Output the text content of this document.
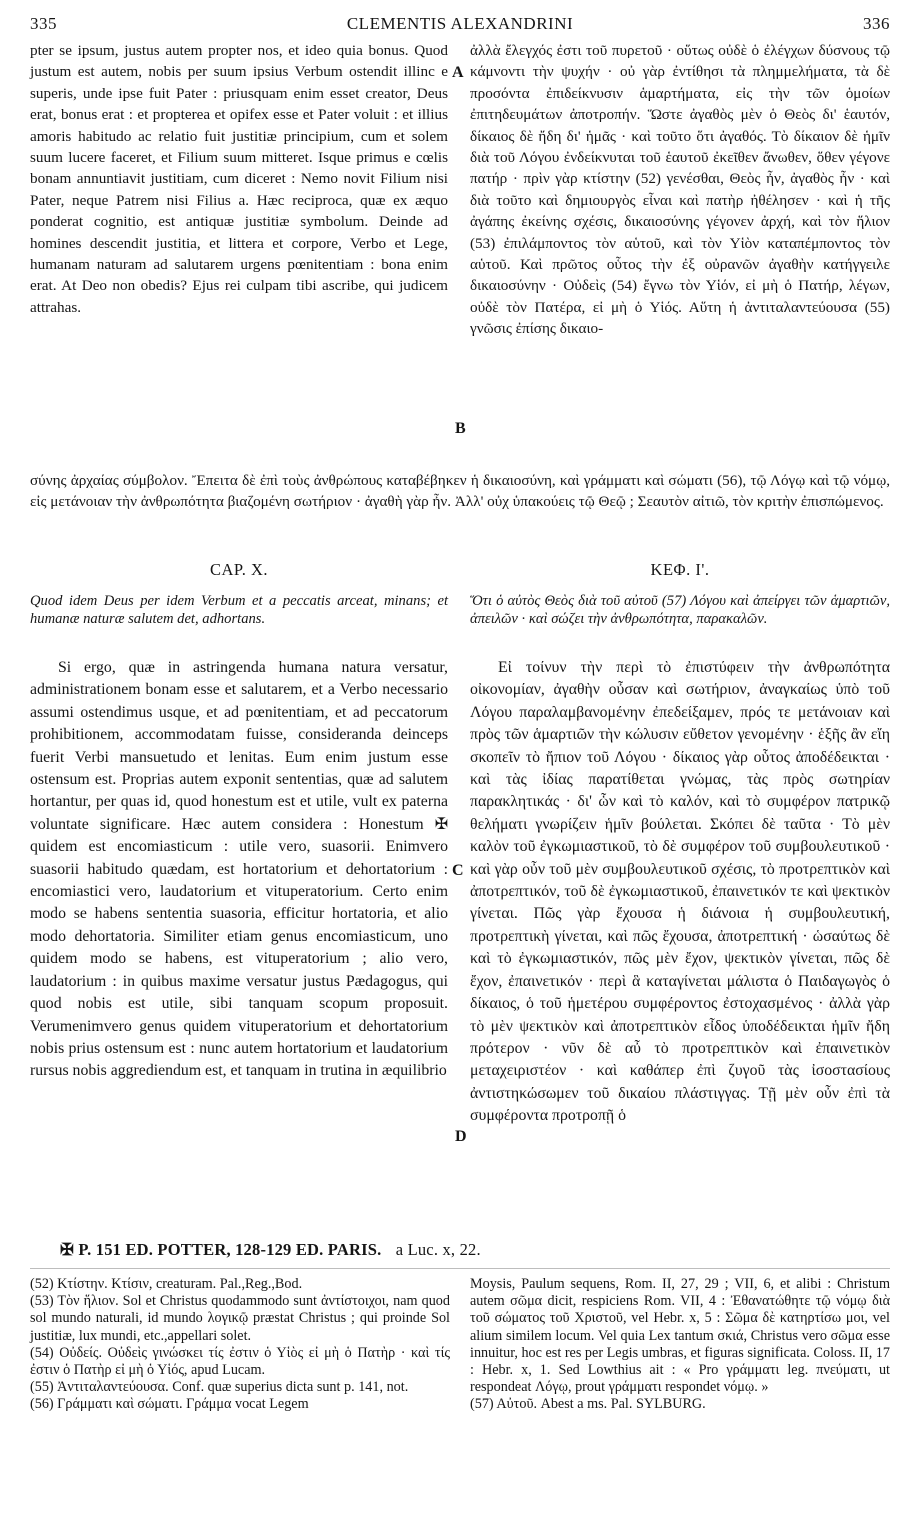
335	CLEMENTIS ALEXANDRINI	336

pter se ipsum, justus autem propter nos, et ideo quia bonus. Quod justum est autem, nobis per suum ipsius Verbum ostendit illinc e superis, unde ipse fuit Pater : priusquam enim esset creator, Deus erat, bonus erat : et propterea et opifex esse et Pater voluit : et illius amoris habitudo ac relatio fuit justitiæ principium, cum et solem suum lucere faceret, et Filium suum mitteret. Isque primus e cœlis bonam annuntiavit justitiam, cum diceret : Nemo novit Filium nisi Pater, neque Patrem nisi Filius a. Hæc reciproca, quæ ex æquo ponderat cognitio, est antiquæ justitiæ symbolum. Deinde ad homines descendit justitia, et littera et corpore, Verbo et Lege, humanam naturam ad salutarem urgens pœnitentiam : bona enim erat. At Deo non obedis? Ejus rei culpam tibi ascribe, qui judicem attrahas.

ἀλλὰ ἔλεγχός ἐστι τοῦ πυρετοῦ · οὕτως οὐδὲ ὁ ἐλέγχων δύσνους τῷ κάμνοντι τὴν ψυχήν · οὐ γὰρ ἐντίθησι τὰ πλημμελήματα, τὰ δὲ προσόντα ἐπιδείκνυσιν ἁμαρτήματα, εἰς τὴν τῶν ὁμοίων ἐπιτηδευμάτων ἀποτροπήν. Ὥστε ἀγαθὸς μὲν ὁ Θεὸς δι' ἑαυτόν, δίκαιος δὲ ἤδη δι' ἡμᾶς · καὶ τοῦτο ὅτι ἀγαθός. Τὸ δίκαιον δὲ ἡμῖν διὰ τοῦ Λόγου ἐνδείκνυται τοῦ ἑαυτοῦ ἐκεῖθεν ἄνωθεν, ὅθεν γέγονε πατήρ · πρὶν γὰρ κτίστην (52) γενέσθαι, Θεὸς ἦν, ἀγαθὸς ἦν · καὶ διὰ τοῦτο καὶ δημιουργὸς εἶναι καὶ πατὴρ ἠθέλησεν · καὶ ἡ τῆς ἀγάπης ἐκείνης σχέσις, δικαιοσύνης γέγονεν ἀρχή, καὶ τὸν ἥλιον (53) ἐπιλάμποντος τὸν αὑτοῦ, καὶ τὸν Υἱὸν καταπέμποντος τὸν αὑτοῦ. Καὶ πρῶτος οὗτος τὴν ἐξ οὐρανῶν ἀγαθὴν κατήγγειλε δικαιοσύνην · Οὐδεὶς (54) ἔγνω τὸν Υἱόν, εἰ μὴ ὁ Πατήρ, λέγων, οὐδὲ τὸν Πατέρα, εἰ μὴ ὁ Υἱός. Αὕτη ἡ ἀντιταλαντεύουσα (55) γνῶσις ἐπίσης δικαιο-

A
B
σύνης ἀρχαίας σύμβολον. Ἔπειτα δὲ ἐπὶ τοὺς ἀνθρώπους καταβέβηκεν ἡ δικαιοσύνη, καὶ γράμματι καὶ σώματι (56), τῷ Λόγῳ καὶ τῷ νόμῳ, εἰς μετάνοιαν τὴν ἀνθρωπότητα βιαζομένη σωτήριον · ἀγαθὴ γὰρ ἦν. Ἀλλ' οὐχ ὑπακούεις τῷ Θεῷ ; Σεαυτὸν αἰτιῶ, τὸν κριτὴν ἐπισπώμενος.
CAP. X.	ΚΕΦ. Ι'.
Quod idem Deus per idem Verbum et a peccatis arceat, minans; et humanæ naturæ salutem det, adhortans.
Ὅτι ὁ αὐτὸς Θεὸς διὰ τοῦ αὐτοῦ (57) Λόγου καὶ ἀπείργει τῶν ἁμαρτιῶν, ἀπειλῶν · καὶ σώζει τὴν ἀνθρωπότητα, παρακαλῶν.

Si ergo, quæ in astringenda humana natura versatur, administrationem bonam esse et salutarem, et a Verbo necessario assumi ostendimus usque, et ad pœnitentiam, et ad peccatorum prohibitionem, accommodatam fuisse, consideranda deinceps fuerit Verbi mansuetudo et lenitas. Eum enim justum esse ostensum est. Proprias autem exponit sententias, quæ ad salutem hortantur, per quas id, quod honestum est et utile, vult ex paterna voluntate significare. Hæc autem considera : Honestum ✠ quidem est encomiasticum : utile vero, suasorii. Enimvero suasorii habitudo quædam, est hortatorium et dehortatorium : encomiastici vero, laudatorium et vituperatorium. Certo enim modo se habens sententia suasoria, efficitur hortatoria, et alio modo dehortatoria. Similiter etiam genus encomiasticum, uno quidem modo se habens, est vituperatorium ; alio vero, laudatorium : in quibus maxime versatur justus Pædagogus, qui quod nobis est utile, sibi tanquam scopum proposuit. Verumenimvero genus quidem vituperatorium et dehortatorium nobis prius ostensum est : nunc autem hortatorium et laudatorium rursus nobis aggrediendum est, et tanquam in trutina in æquilibrio

Εἰ τοίνυν τὴν περὶ τὸ ἐπιστύφειν τὴν ἀνθρωπότητα οἰκονομίαν, ἀγαθὴν οὖσαν καὶ σωτήριον, ἀναγκαίως ὑπὸ τοῦ Λόγου παραλαμβανομένην ἐπεδείξαμεν, πρός τε μετάνοιαν καὶ πρὸς τῶν ἁμαρτιῶν τὴν κώλυσιν εὔθετον γενομένην · ἑξῆς ἂν εἴη σκοπεῖν τὸ ἤπιον τοῦ Λόγου · δίκαιος γὰρ οὗτος ἀποδέδεικται · καὶ τὰς ἰδίας παρατίθεται γνώμας, τὰς πρὸς σωτηρίαν παρακλητικάς · δι' ὧν καὶ τὸ καλόν, καὶ τὸ συμφέρον πατρικῷ θελήματι γνωρίζειν ἡμῖν βούλεται. Σκόπει δὲ ταῦτα · Τὸ μὲν καλὸν τοῦ ἐγκωμιαστικοῦ, τὸ δὲ συμφέρον τοῦ συμβουλευτικοῦ · καὶ γὰρ οὖν τοῦ μὲν συμβουλευτικοῦ σχέσις, τὸ προτρεπτικὸν καὶ ἀποτρεπτικόν, τοῦ δὲ ἐγκωμιαστικοῦ, ἐπαινετικόν τε καὶ ψεκτικὸν γίνεται. Πῶς γὰρ ἔχουσα ἡ διάνοια ἡ συμβουλευτική, προτρεπτικὴ γίνεται, καὶ πῶς ἔχουσα, ἀποτρεπτική · ὡσαύτως δὲ καὶ τὸ ἐγκωμιαστικόν, πῶς μὲν ἔχον, ψεκτικὸν γίνεται, πῶς δὲ ἔχον, ἐπαινετικόν · περὶ ἃ καταγίνεται μάλιστα ὁ Παιδαγωγὸς ὁ δίκαιος, ὁ τοῦ ἡμετέρου συμφέροντος ἐστοχασμένος · ἀλλὰ γὰρ τὸ μὲν ψεκτικὸν καὶ ἀποτρεπτικὸν εἶδος ὑποδέδεικται ἡμῖν ἤδη πρότερον · νῦν δὲ αὖ τὸ προτρεπτικὸν καὶ ἐπαινετικὸν μεταχειριστέον · καὶ καθάπερ ἐπὶ ζυγοῦ τὰς ἰσοστασίους ἀντιστηκώσωμεν τοῦ δικαίου πλάστιγγας. Τῇ μὲν οὖν ἐπὶ τὰ συμφέροντα προτροπῇ ὁ

C
D
✠ P. 151 ED. POTTER, 128-129 ED. PARIS. a Luc. x, 22.

(52) Κτίστην. Κτίσιν, creaturam. Pal.,Reg.,Bod.

(53) Τὸν ἥλιον. Sol et Christus quodammodo sunt ἀντίστοιχοι, nam quod sol mundo naturali, id mundo λογικῷ præstat Christus ; qui proinde Sol justitiæ, lux mundi, etc.,appellari solet.

(54) Οὐδείς. Οὐδεὶς γινώσκει τίς ἐστιν ὁ Υἱὸς εἰ μὴ ὁ Πατὴρ · καὶ τίς ἐστιν ὁ Πατὴρ εἰ μὴ ὁ Υἱός, apud Lucam.

(55) Ἀντιταλαντεύουσα. Conf. quæ superius dicta sunt p. 141, not.

(56) Γράμματι καὶ σώματι. Γράμμα vocat Legem

Moysis, Paulum sequens, Rom. II, 27, 29 ; VII, 6, et alibi : Christum autem σῶμα dicit, respiciens Rom. VII, 4 : Ἐθανατώθητε τῷ νόμῳ διὰ τοῦ σώματος τοῦ Χριστοῦ, vel Hebr. x, 5 : Σῶμα δὲ κατηρτίσω μοι, vel alium similem locum. Vel quia Lex tantum σκιά, Christus vero σῶμα esse innuitur, hoc est res per Legis umbras, et figuras significata. Coloss. II, 17 : Hebr. x, 1. Sed Lowthius ait : « Pro γράμματι leg. πνεύματι, ut respondeat Λόγῳ, prout γράμματι respondet νόμῳ. »

(57) Αὐτοῦ. Abest a ms. Pal. SYLBURG.
